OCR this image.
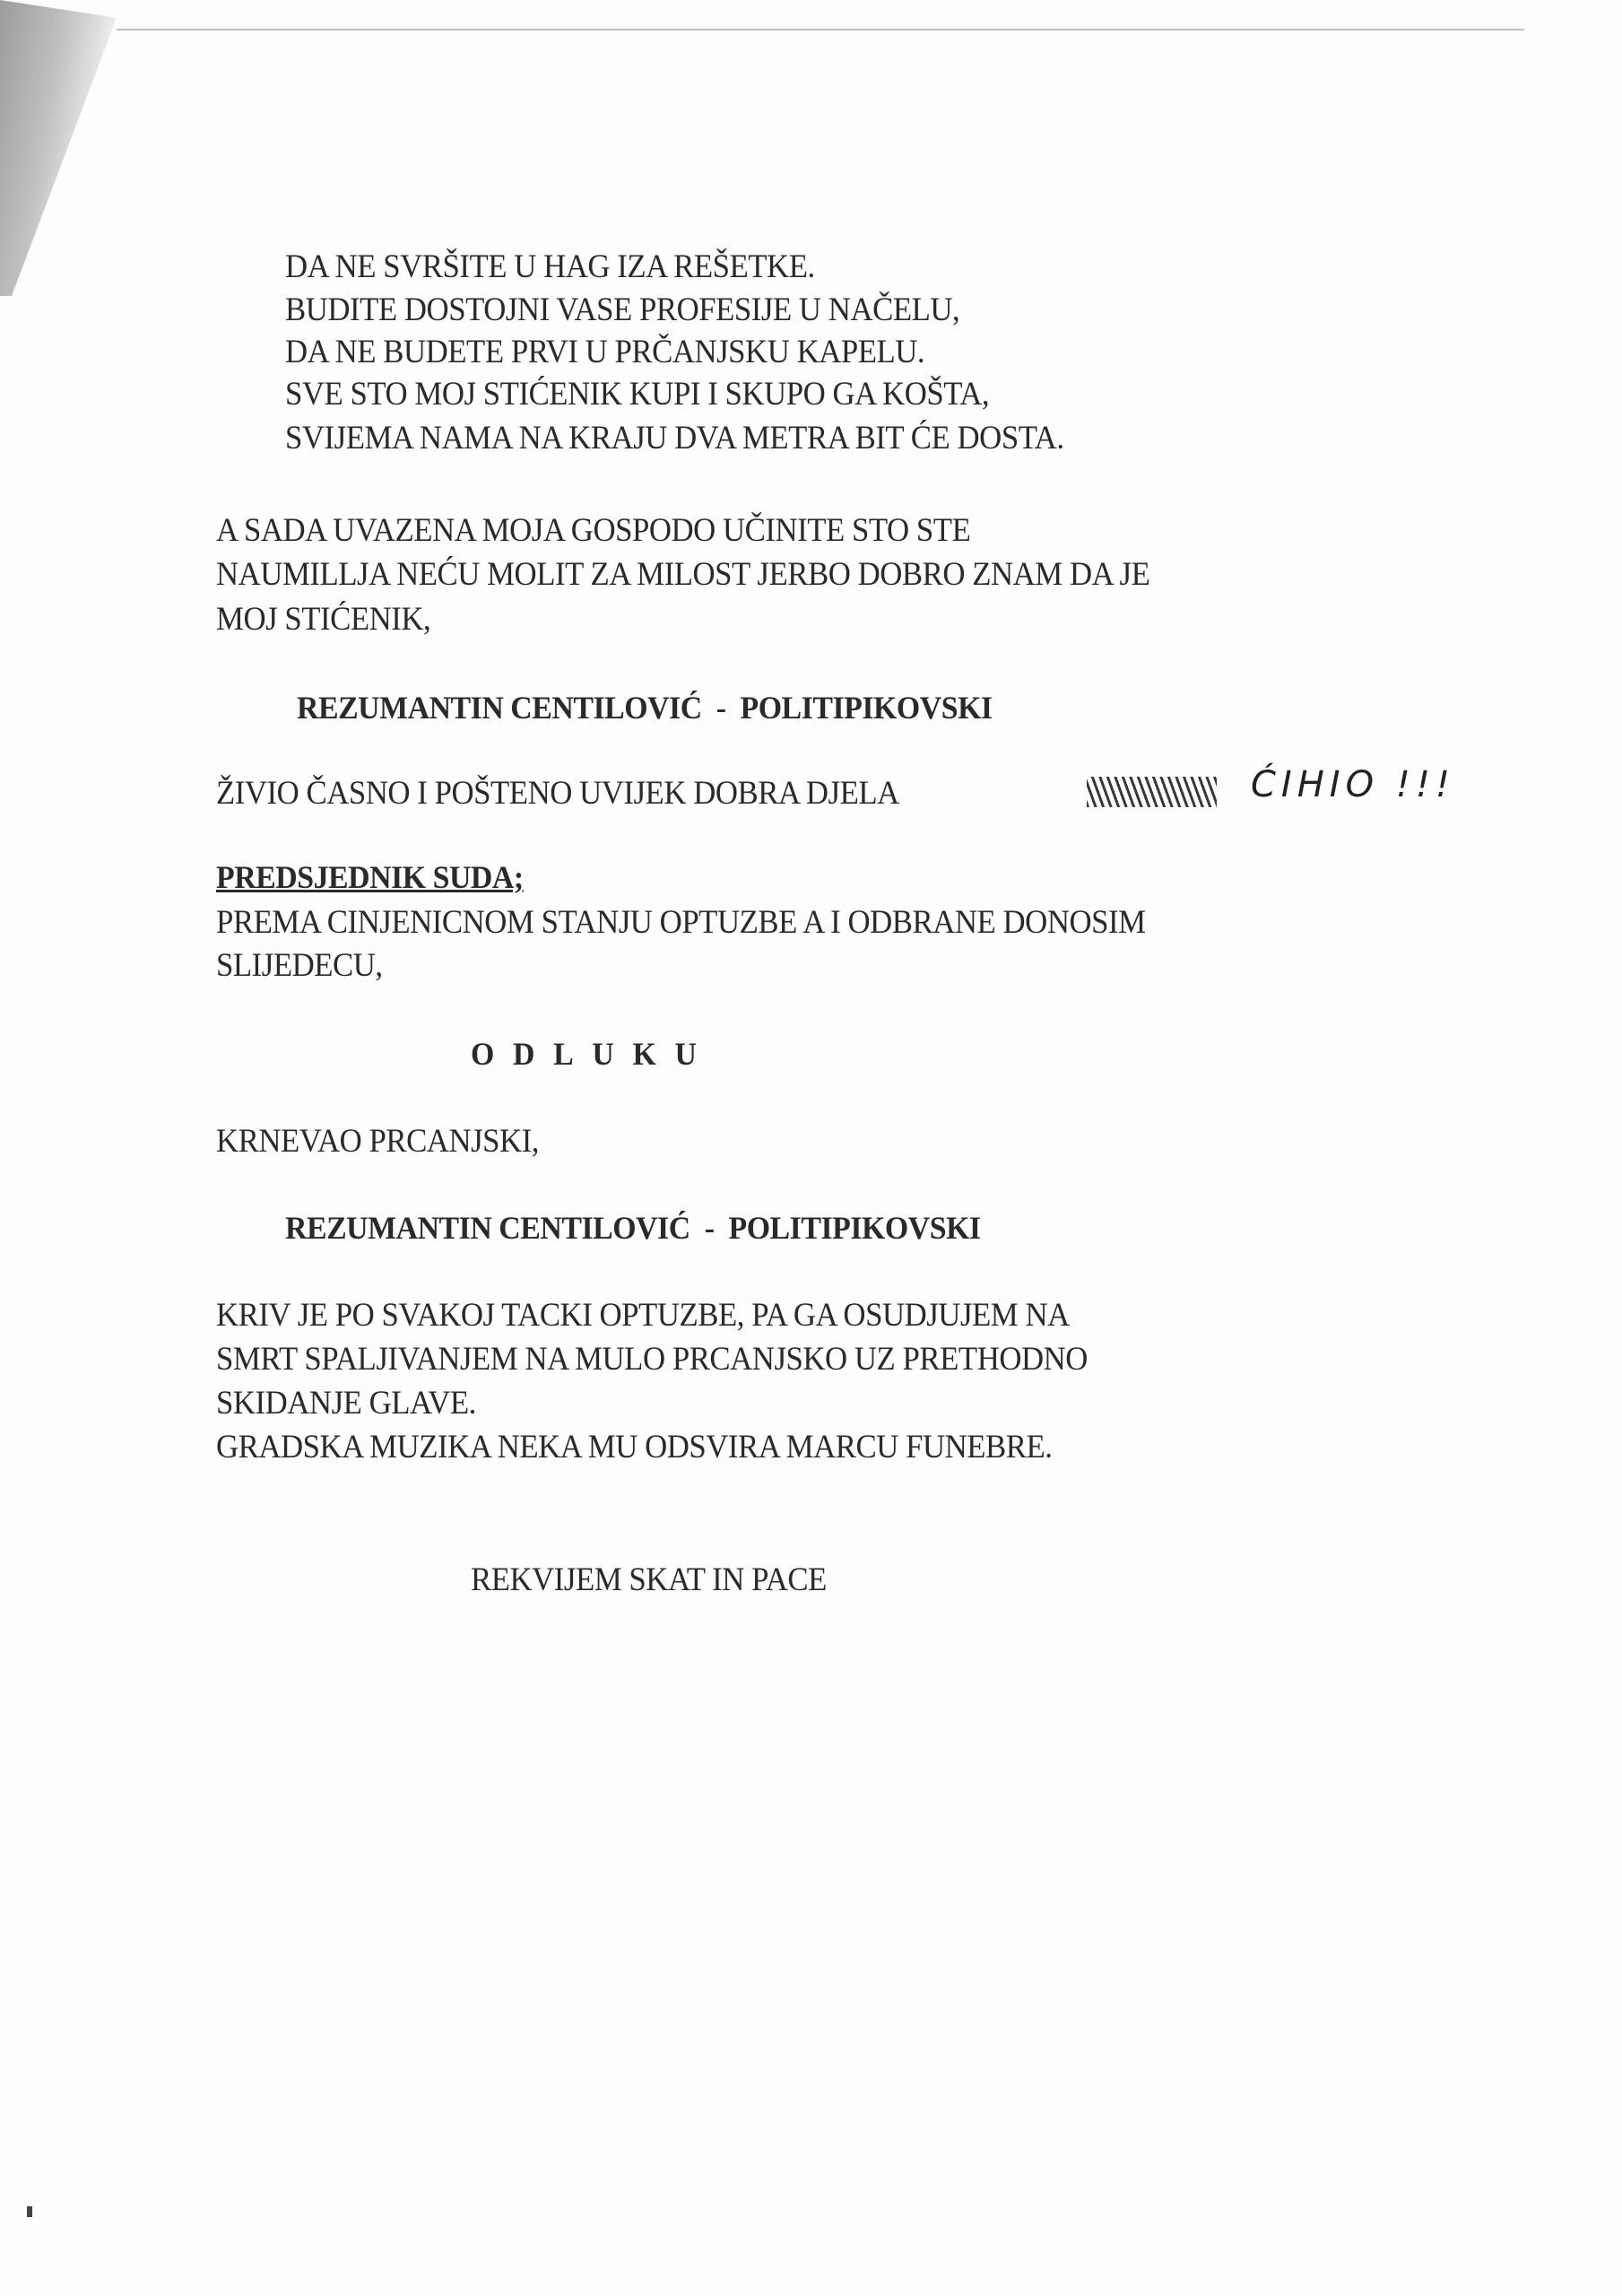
DA NE SVRŠITE U HAG IZA REŠETKE.
BUDITE DOSTOJNI VASE PROFESIJE U NAČELU,
DA NE BUDETE PRVI U PRČANJSKU KAPELU.
SVE STO MOJ STIĆENIK KUPI I SKUPO GA KOŠTA,
SVIJEMA NAMA NA KRAJU DVA METRA BIT ĆE DOSTA.
A SADA UVAZENA MOJA GOSPODO UČINITE STO STE
NAUMILLJA NEĆU MOLIT ZA MILOST JERBO DOBRO ZNAM DA JE
MOJ STIĆENIK,
REZUMANTIN CENTILOVIĆ  -  POLITIPIKOVSKI
ŽIVIO ČASNO I POŠTENO UVIJEK DOBRA DJELA	ĆIHIO !!!
PREDSJEDNIK SUDA;
PREMA CINJENICNOM STANJU OPTUZBE A I ODBRANE DONOSIM
SLIJEDECU,
ODLUKU
KRNEVAO PRCANJSKI,
REZUMANTIN CENTILOVIĆ  -  POLITIPIKOVSKI
KRIV JE PO SVAKOJ TACKI OPTUZBE, PA GA OSUDJUJEM NA
SMRT SPALJIVANJEM NA MULO PRCANJSKO UZ PRETHODNO
SKIDANJE GLAVE.
GRADSKA MUZIKA NEKA MU ODSVIRA MARCU FUNEBRE.
REKVIJEM SKAT IN PACE
